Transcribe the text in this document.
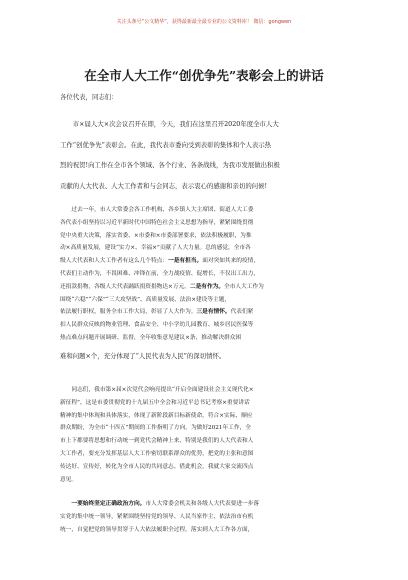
关注头条号“公文精华”，获得最新最全最专业的公文资料库！ 微信：gongwen
在全市人大工作“创优争先”表彰会上的讲话
各位代表，同志们：
市×届人大×次会议召开在即，今天，我们在这里召开2020年度全市人大
工作“创优争先”表彰会。在此，我代表市委向受到表彰的集体和个人表示热
烈的祝贺!向工作在全市各个领域、各个行业、各条战线，为我市发展做出积极
贡献的人大代表、人大工作者和与会同志，表示衷心的感谢和亲切的问候!
过去一年，市人大常委会各工作机构、各乡镇人大主席团、街道人大工委
各代表小组坚持以习近平新时代中国特色社会主义思想为指导，紧紧围绕贯彻
党中央重大决策，落实省委、×市委和×市委部署要求，依法积极履职，为推
动×高质量发展，建设“实力×、幸福×”贡献了人大力量。总的感觉，全市各
级人大代表和人大工作者有这么几个特点：一是有担当。面对突如其来的疫情，
代表们主动作为，不畏困难、冲锋在前，全力战疫情、促增长，不仅出工出力，
还捐款捐物，各级人大代表踊跃捐资捐物达×万元。二是有作为。全市人大工作为
围绕“六稳”“六保”“三大攻坚战”、高质量发展、法治×建设等主题，
依法履行职权，服务全市工作大局，彰显了人大作为。三是有情怀。代表们紧
扣人民群众反映的物业管理、食品安全、中小学幼儿园教育、城乡居民医保等
热点难点问题开展调研、监督，全年收集意见建议×条，推动解决群众困
难和问题×个，充分体现了“人民代表为人民”的深切情怀。
同志们，我市第×届×次党代会响亮提出“开启全面建设社会主义现代化×
新征程”，这是市委贯彻党的十九届五中全会和习近平总书记考察×重要讲话
精神的集中体现和具体落实，体现了新阶段新目标新使命，符合×实际、顺应
群众期盼，为全市“十四五”期间的工作指明了方向。为做好2021年工作，全
市上下都要将思想和行动统一到党代会精神上来，特别是我们的人大代表和人
大工作者，要充分发挥基层人大工作密切联系群众的优势，把党的主张和意图
传达好、宣传好，转化为全市人民的共同意志。借此机会，我就大家交流四点
意见。
一要始终坚定正确政治方向。市人大常委会机关和各级人大代表要进一步落
实党的集中统一领导，紧紧围绕坚持党的领导、人民当家作主、依法治市有机
统一，自觉把党的领导贯穿于人大依法履职全过程，落实到人大工作各方面，
